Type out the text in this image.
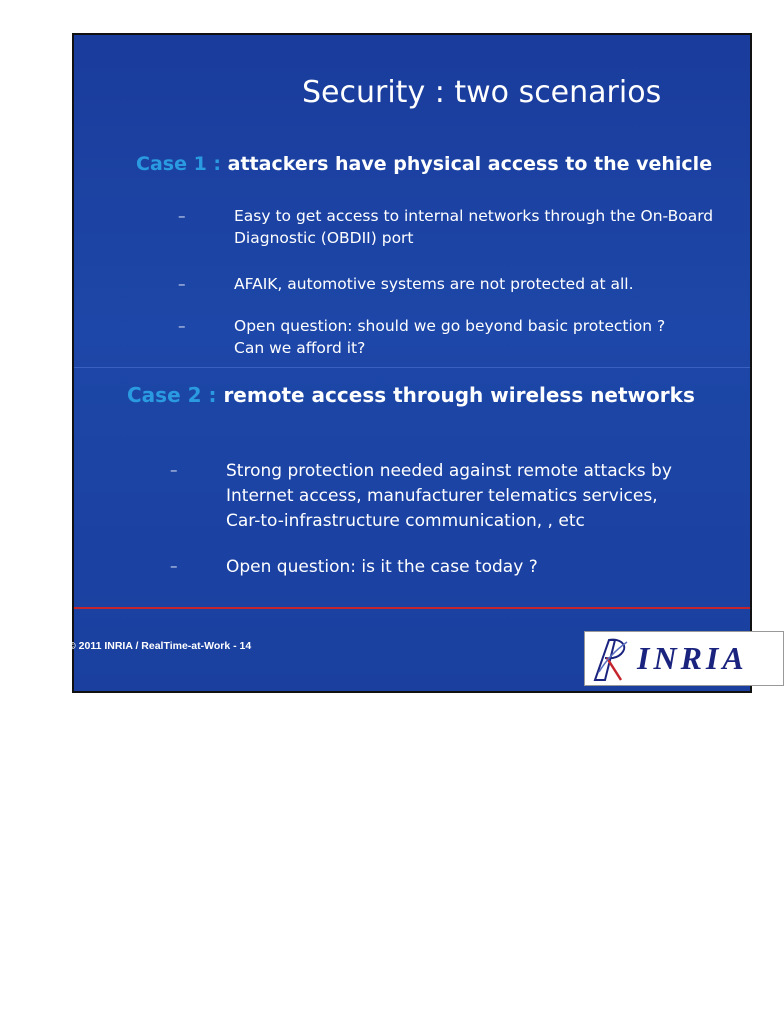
Security : two scenarios
Case 1 : attackers have physical access to the vehicle
–	Easy to get access to internal networks through the On-Board
Diagnostic (OBDII) port
–	AFAIK, automotive systems are not protected at all.
–	Open question: should we go beyond basic protection ?
Can we afford it?
Case 2 : remote access through wireless networks
–	Strong protection needed against remote attacks by
Internet access, manufacturer telematics services,
Car-to-infrastructure communication, , etc
–	Open question: is it the case today ?
© 2011 INRIA / RealTime-at-Work - 14	INRIA
